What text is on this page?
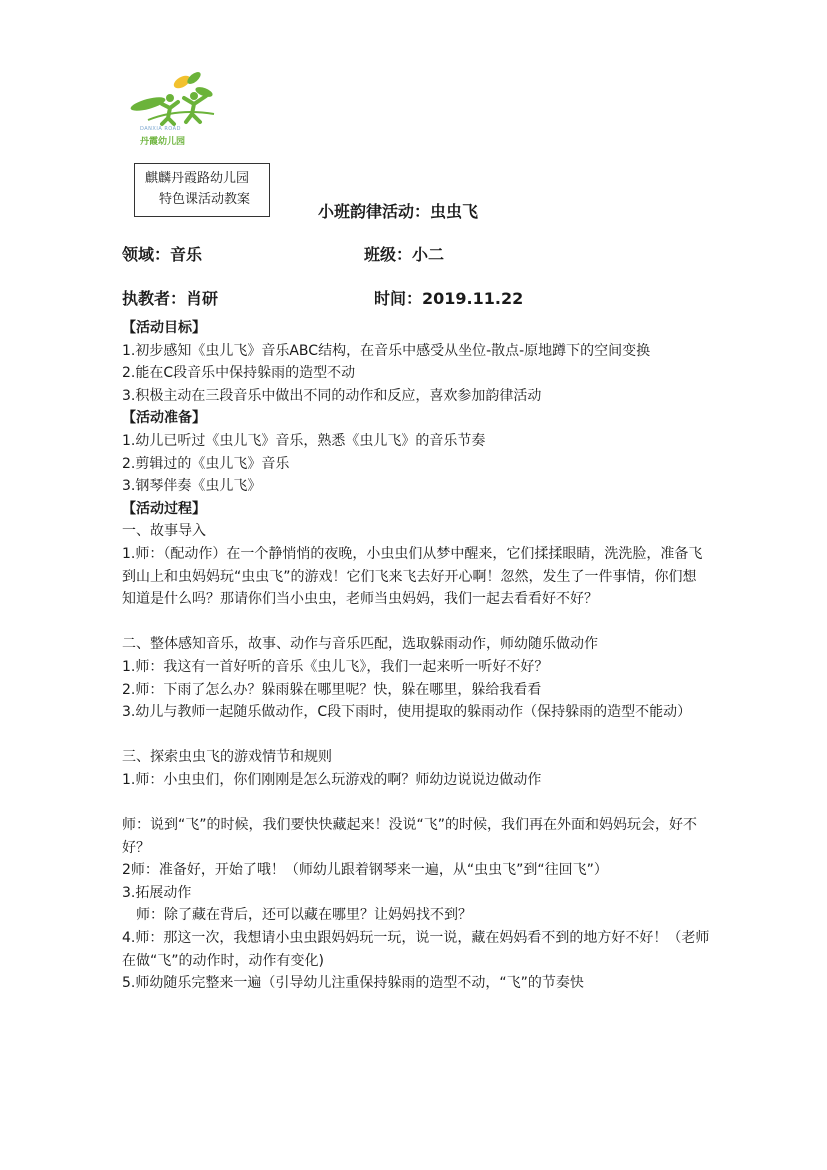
DANXIA ROAD
丹霞幼儿园
麒麟丹霞路幼儿园
特色课活动教案
小班韵律活动：虫虫飞
领域：音乐	班级：小二
执教者：肖研	时间：2019.11.22

【活动目标】

1.初步感知《虫儿飞》音乐ABC结构，在音乐中感受从坐位-散点-原地蹲下的空间变换

2.能在C段音乐中保持躲雨的造型不动

3.积极主动在三段音乐中做出不同的动作和反应，喜欢参加韵律活动

【活动准备】

1.幼儿已听过《虫儿飞》音乐，熟悉《虫儿飞》的音乐节奏

2.剪辑过的《虫儿飞》音乐

3.钢琴伴奏《虫儿飞》

【活动过程】

一、故事导入

1.师：（配动作）在一个静悄悄的夜晚，小虫虫们从梦中醒来，它们揉揉眼睛，洗洗脸，准备飞到山上和虫妈妈玩“虫虫飞”的游戏！它们飞来飞去好开心啊！忽然，发生了一件事情，你们想知道是什么吗？那请你们当小虫虫，老师当虫妈妈，我们一起去看看好不好？

二、整体感知音乐，故事、动作与音乐匹配，选取躲雨动作，师幼随乐做动作

1.师：我这有一首好听的音乐《虫儿飞》，我们一起来听一听好不好？

2.师：下雨了怎么办？躲雨躲在哪里呢？快，躲在哪里，躲给我看看

3.幼儿与教师一起随乐做动作，C段下雨时，使用提取的躲雨动作（保持躲雨的造型不能动）

三、探索虫虫飞的游戏情节和规则

1.师：小虫虫们，你们刚刚是怎么玩游戏的啊？师幼边说说边做动作

师：说到“飞”的时候，我们要快快藏起来！没说“飞”的时候，我们再在外面和妈妈玩会，好不好？

2师：准备好，开始了哦！（师幼儿跟着钢琴来一遍，从“虫虫飞”到“往回飞”）

3.拓展动作

师：除了藏在背后，还可以藏在哪里？让妈妈找不到？

4.师：那这一次，我想请小虫虫跟妈妈玩一玩，说一说，藏在妈妈看不到的地方好不好！（老师在做“飞”的动作时，动作有变化)

5.师幼随乐完整来一遍（引导幼儿注重保持躲雨的造型不动，“飞”的节奏快
